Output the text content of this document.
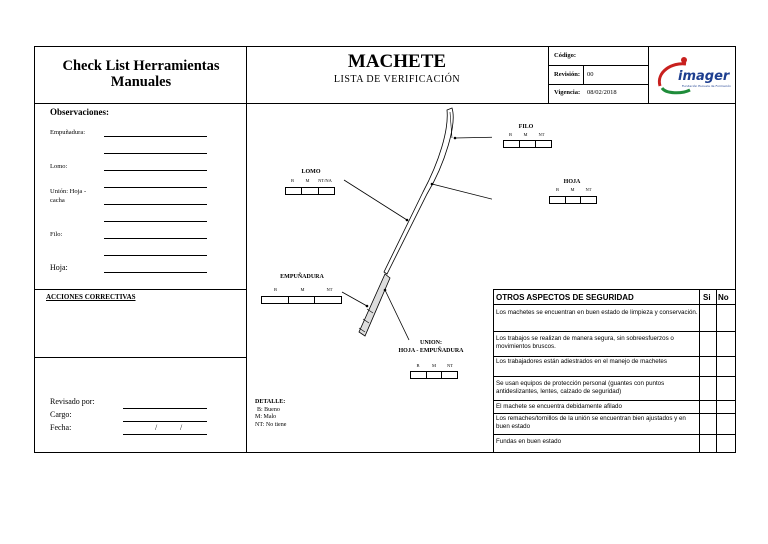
Check List Herramientas
Manuales
MACHETE
LISTA DE VERIFICACIÓN
Código:
Revisión: 00
Vigencia: 08/02/2018
imager
Fundación Escuela de Formación
Observaciones:
Empuñadura:
Lomo:
Unión: Hoja - cacha
Filo:
Hoja:
ACCIONES CORRECTIVAS
Revisado por:
Cargo:
Fecha:	/	/
FILO
B	M	NT
LOMO
B	M	NT/NA	HOJA
B	M	NT
EMPUÑADURA
B	M	NT
UNION:
HOJA - EMPUÑADURA
B	M	NT
DETALLE:
B: Bueno
M: Malo
NT: No tiene
OTROS ASPECTOS DE SEGURIDAD	Si No
Los machetes se encuentran en buen estado de limpieza y conservación.
Los trabajos se realizan de manera segura, sin sobreesfuerzos o movimientos bruscos.
Los trabajadores están adiestrados en el manejo de machetes
Se usan equipos de protección personal (guantes con puntos antideslizantes, lentes, calzado de seguridad)
El machete se encuentra debidamente afilado
Los remaches/tornillos de la unión se encuentran bien ajustados y en buen estado
Fundas en buen estado
